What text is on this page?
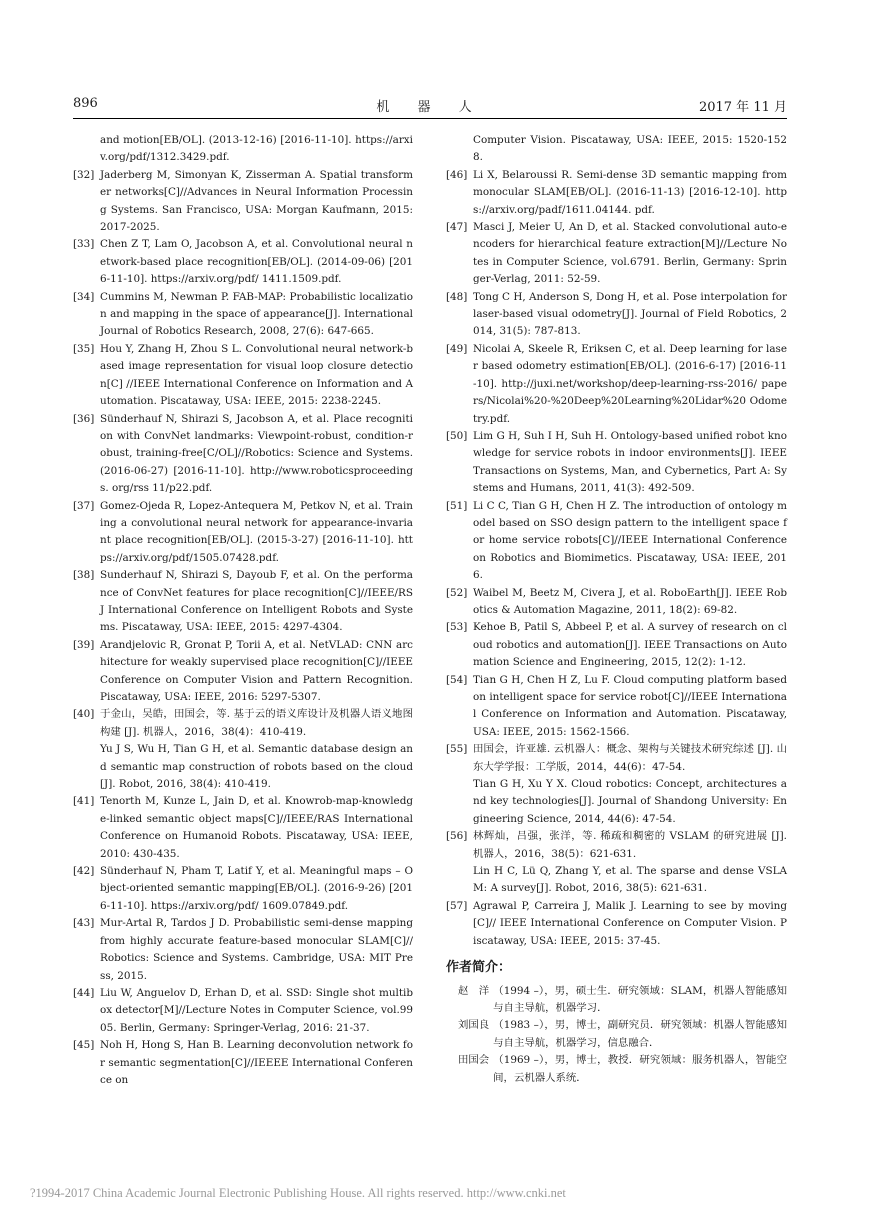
896	机 器 人	2017 年 11 月
and motion[EB/OL]. (2013-12-16) [2016-11-10]. https://arxiv.org/pdf/1312.3429.pdf.
[32] Jaderberg M, Simonyan K, Zisserman A. Spatial transformer networks[C]//Advances in Neural Information Processing Systems. San Francisco, USA: Morgan Kaufmann, 2015: 2017-2025.
[33] Chen Z T, Lam O, Jacobson A, et al. Convolutional neural network-based place recognition[EB/OL]. (2014-09-06) [2016-11-10]. https://arxiv.org/pdf/ 1411.1509.pdf.
[34] Cummins M, Newman P. FAB-MAP: Probabilistic localization and mapping in the space of appearance[J]. International Journal of Robotics Research, 2008, 27(6): 647-665.
[35] Hou Y, Zhang H, Zhou S L. Convolutional neural network-based image representation for visual loop closure detection[C] //IEEE International Conference on Information and Automation. Piscataway, USA: IEEE, 2015: 2238-2245.
[36] Sünderhauf N, Shirazi S, Jacobson A, et al. Place recognition with ConvNet landmarks: Viewpoint-robust, condition-robust, training-free[C/OL]//Robotics: Science and Systems. (2016-06-27) [2016-11-10]. http://www.roboticsproceedings. org/rss 11/p22.pdf.
[37] Gomez-Ojeda R, Lopez-Antequera M, Petkov N, et al. Training a convolutional neural network for appearance-invariant place recognition[EB/OL]. (2015-3-27) [2016-11-10]. https://arxiv.org/pdf/1505.07428.pdf.
[38] Sunderhauf N, Shirazi S, Dayoub F, et al. On the performance of ConvNet features for place recognition[C]//IEEE/RSJ International Conference on Intelligent Robots and Systems. Piscataway, USA: IEEE, 2015: 4297-4304.
[39] Arandjelovic R, Gronat P, Torii A, et al. NetVLAD: CNN architecture for weakly supervised place recognition[C]//IEEE Conference on Computer Vision and Pattern Recognition. Piscataway, USA: IEEE, 2016: 5297-5307.
[40] 于金山，吴皓，田国会，等. 基于云的语义库设计及机器人语义地图构建 [J]. 机器人，2016，38(4)：410-419.
Yu J S, Wu H, Tian G H, et al. Semantic database design and semantic map construction of robots based on the cloud[J]. Robot, 2016, 38(4): 410-419.
[41] Tenorth M, Kunze L, Jain D, et al. Knowrob-map-knowledge-linked semantic object maps[C]//IEEE/RAS International Conference on Humanoid Robots. Piscataway, USA: IEEE, 2010: 430-435.
[42] Sünderhauf N, Pham T, Latif Y, et al. Meaningful maps – Object-oriented semantic mapping[EB/OL]. (2016-9-26) [2016-11-10]. https://arxiv.org/pdf/ 1609.07849.pdf.
[43] Mur-Artal R, Tardos J D. Probabilistic semi-dense mapping from highly accurate feature-based monocular SLAM[C]// Robotics: Science and Systems. Cambridge, USA: MIT Press, 2015.
[44] Liu W, Anguelov D, Erhan D, et al. SSD: Single shot multibox detector[M]//Lecture Notes in Computer Science, vol.9905. Berlin, Germany: Springer-Verlag, 2016: 21-37.
[45] Noh H, Hong S, Han B. Learning deconvolution network for semantic segmentation[C]//IEEEE International Conference on
Computer Vision. Piscataway, USA: IEEE, 2015: 1520-1528.
[46] Li X, Belaroussi R. Semi-dense 3D semantic mapping from monocular SLAM[EB/OL]. (2016-11-13) [2016-12-10]. https://arxiv.org/padf/1611.04144. pdf.
[47] Masci J, Meier U, An D, et al. Stacked convolutional auto-encoders for hierarchical feature extraction[M]//Lecture Notes in Computer Science, vol.6791. Berlin, Germany: Springer-Verlag, 2011: 52-59.
[48] Tong C H, Anderson S, Dong H, et al. Pose interpolation for laser-based visual odometry[J]. Journal of Field Robotics, 2014, 31(5): 787-813.
[49] Nicolai A, Skeele R, Eriksen C, et al. Deep learning for laser based odometry estimation[EB/OL]. (2016-6-17) [2016-11-10]. http://juxi.net/workshop/deep-learning-rss-2016/ papers/Nicolai%20-%20Deep%20Learning%20Lidar%20 Odometry.pdf.
[50] Lim G H, Suh I H, Suh H. Ontology-based unified robot knowledge for service robots in indoor environments[J]. IEEE Transactions on Systems, Man, and Cybernetics, Part A: Systems and Humans, 2011, 41(3): 492-509.
[51] Li C C, Tian G H, Chen H Z. The introduction of ontology model based on SSO design pattern to the intelligent space for home service robots[C]//IEEE International Conference on Robotics and Biomimetics. Piscataway, USA: IEEE, 2016.
[52] Waibel M, Beetz M, Civera J, et al. RoboEarth[J]. IEEE Robotics & Automation Magazine, 2011, 18(2): 69-82.
[53] Kehoe B, Patil S, Abbeel P, et al. A survey of research on cloud robotics and automation[J]. IEEE Transactions on Automation Science and Engineering, 2015, 12(2): 1-12.
[54] Tian G H, Chen H Z, Lu F. Cloud computing platform based on intelligent space for service robot[C]//IEEE International Conference on Information and Automation. Piscataway, USA: IEEE, 2015: 1562-1566.
[55] 田国会，许亚雄. 云机器人：概念、架构与关键技术研究综述 [J]. 山东大学学报：工学版，2014，44(6)：47-54.
Tian G H, Xu Y X. Cloud robotics: Concept, architectures and key technologies[J]. Journal of Shandong University: Engineering Science, 2014, 44(6): 47-54.
[56] 林辉灿，吕强，张洋，等. 稀疏和稠密的 VSLAM 的研究进展 [J]. 机器人，2016，38(5)：621-631.
Lin H C, Lü Q, Zhang Y, et al. The sparse and dense VSLAM: A survey[J]. Robot, 2016, 38(5): 621-631.
[57] Agrawal P, Carreira J, Malik J. Learning to see by moving[C]// IEEE International Conference on Computer Vision. Piscataway, USA: IEEE, 2015: 37-45.
作者简介：
赵　洋 （1994 –），男，硕士生．研究领域：SLAM，机器人智能感知与自主导航，机器学习．
刘国良 （1983 –），男，博士，副研究员．研究领域：机器人智能感知与自主导航，机器学习，信息融合．
田国会 （1969 –），男，博士，教授．研究领域：服务机器人，智能空间，云机器人系统．
?1994-2017 China Academic Journal Electronic Publishing House. All rights reserved. http://www.cnki.net
